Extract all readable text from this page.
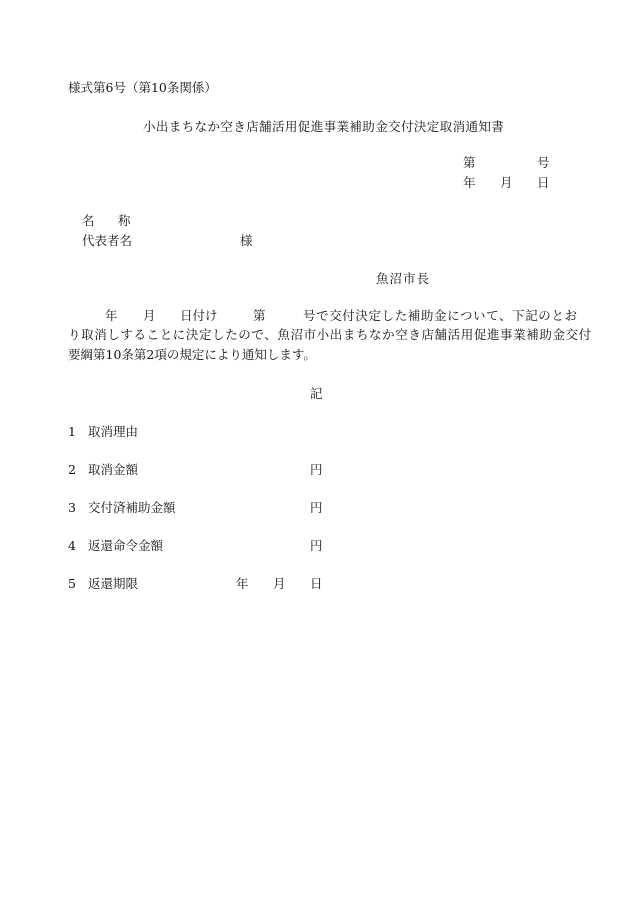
様式第6号（第10条関係）
小出まちなか空き店舗活用促進事業補助金交付決定取消通知書
第	号
年 月 日
名 称
代表者名	様
魚沼市長
年 月 日付け	第	号で交付決定した補助金について、下記のとお
り取消しすることに決定したので、魚沼市小出まちなか空き店舗活用促進事業補助金交付
要綱第10条第2項の規定により通知します。
記
1 取消理由
2 取消金額	円
3 交付済補助金額	円
4 返還命令金額	円
5 返還期限	年 月 日
